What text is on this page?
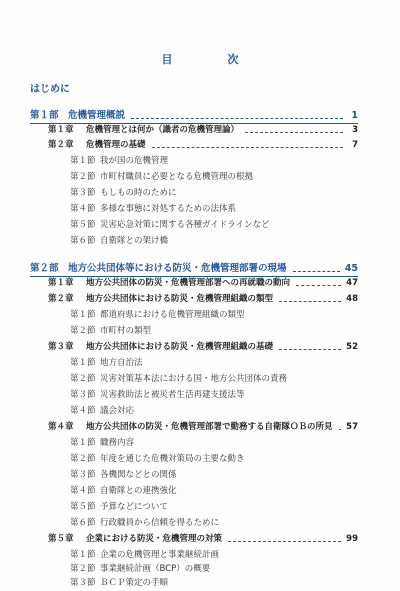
目　次
はじめに
第１部 危機管理概説	1
第１章	危機管理とは何か（識者の危機管理論）	3
第２章	危機管理の基礎	7
第１節 我が国の危機管理
第２節 市町村職員に必要となる危機管理の根拠
第３節 もしもの時のために
第４節 多様な事態に対処するための法体系
第５節 災害応急対策に関する各種ガイドラインなど
第６節 自衛隊との架け橋
第２部 地方公共団体等における防災・危機管理部署の現場	45
第１章	地方公共団体の防災・危機管理部署への再就職の動向	47
第２章	地方公共団体における防災・危機管理組織の類型	48
第１節 都道府県における危機管理組織の類型
第２節 市町村の類型
第３章	地方公共団体における防災・危機管理組織の基礎	52
第１節 地方自治法
第２節 災害対策基本法における国・地方公共団体の責務
第３節 災害救助法と被災者生活再建支援法等
第４節 議会対応
第４章	地方公共団体の防災・危機管理部署で勤務する自衛隊ＯＢの所見 57
第１節 職務内容
第２節 年度を通じた危機対策局の主要な動き
第３節 各機関などとの関係
第４節 自衛隊との連携強化
第５節 予算などについて
第６節 行政職員から信頼を得るために
第５章	企業における防災・危機管理の対策	99
第１節 企業の危機管理と事業継続計画
第２節 事業継続計画（BCP）の概要
第３節 ＢＣＰ策定の手順
